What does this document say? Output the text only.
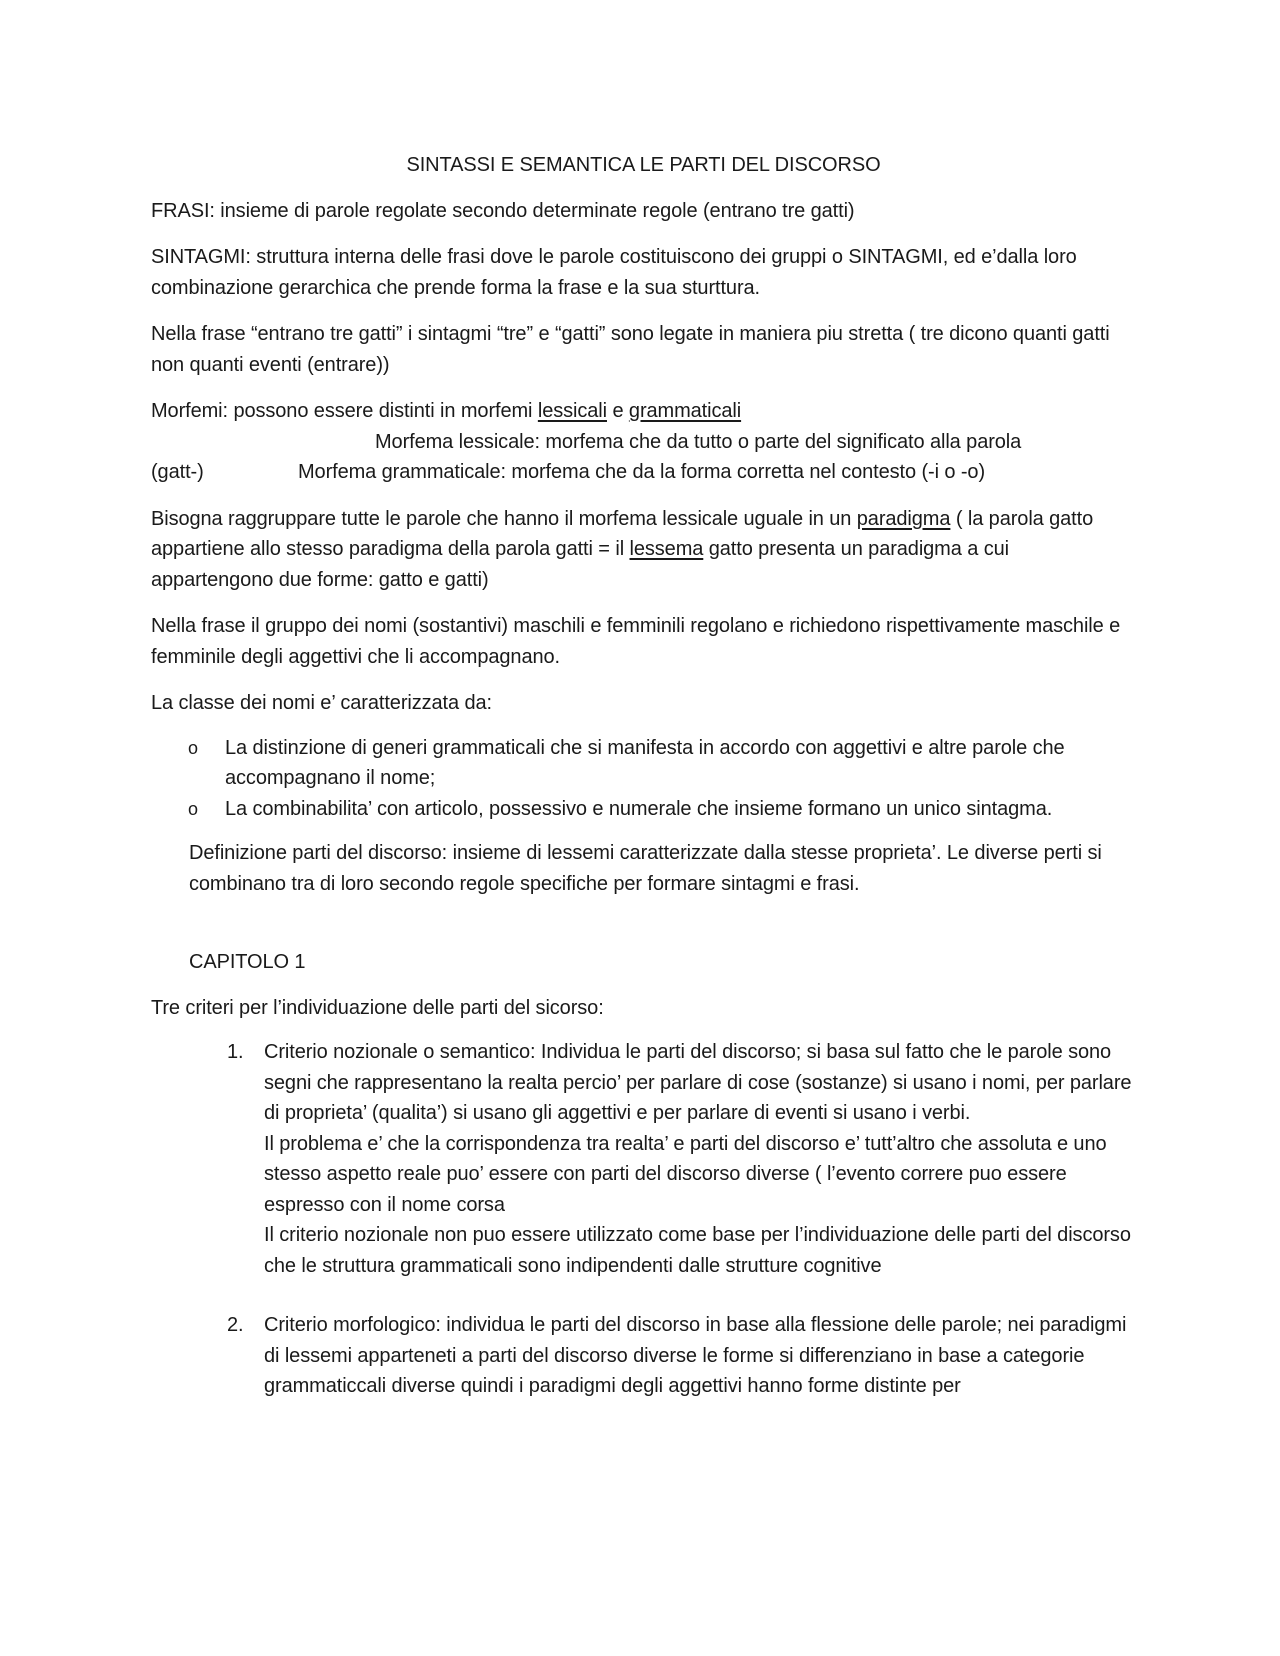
SINTASSI E SEMANTICA LE PARTI DEL DISCORSO

FRASI: insieme di parole regolate secondo determinate regole (entrano tre gatti)

SINTAGMI: struttura interna delle frasi dove le parole costituiscono dei gruppi o SINTAGMI, ed e’dalla loro combinazione gerarchica che prende forma la frase e la sua sturttura.

Nella frase “entrano tre gatti” i sintagmi “tre” e “gatti” sono legate in maniera piu stretta ( tre dicono quanti gatti non quanti eventi (entrare))

Morfemi: possono essere distinti in morfemi lessicali e grammaticali
Morfema lessicale: morfema che da tutto o parte del significato alla parola
(gatt-)	Morfema grammaticale: morfema che da la forma corretta nel contesto (-i o -o)

Bisogna raggruppare tutte le parole che hanno il morfema lessicale uguale in un paradigma ( la parola gatto appartiene allo stesso paradigma della parola gatti = il lessema gatto presenta un paradigma a cui appartengono due forme: gatto e gatti)

Nella frase il gruppo dei nomi (sostantivi) maschili e femminili regolano e richiedono rispettivamente maschile e femminile degli aggettivi che li accompagnano.

La classe dei nomi e’ caratterizzata da:

o La distinzione di generi grammaticali che si manifesta in accordo con aggettivi e altre parole che accompagnano il nome;
o La combinabilita’ con articolo, possessivo e numerale che insieme formano un unico sintagma.

Definizione parti del discorso: insieme di lessemi caratterizzate dalla stesse proprieta’. Le diverse perti si combinano tra di loro secondo regole specifiche per formare sintagmi e frasi.

CAPITOLO 1

Tre criteri per l’individuazione delle parti del sicorso:

1. Criterio nozionale o semantico: Individua le parti del discorso; si basa sul fatto che le parole sono segni che rappresentano la realta percio’ per parlare di cose (sostanze) si usano i nomi, per parlare di proprieta’ (qualita’) si usano gli aggettivi e per parlare di eventi si usano i verbi.
Il problema e’ che la corrispondenza tra realta’ e parti del discorso e’ tutt’altro che assoluta e uno stesso aspetto reale puo’ essere con parti del discorso diverse ( l’evento correre puo essere espresso con il nome corsa
Il criterio nozionale non puo essere utilizzato come base per l’individuazione delle parti del discorso che le struttura grammaticali sono indipendenti dalle strutture cognitive
2. Criterio morfologico: individua le parti del discorso in base alla flessione delle parole; nei paradigmi di lessemi apparteneti a parti del discorso diverse le forme si differenziano in base a categorie grammaticcali diverse quindi i paradigmi degli aggettivi hanno forme distinte per
